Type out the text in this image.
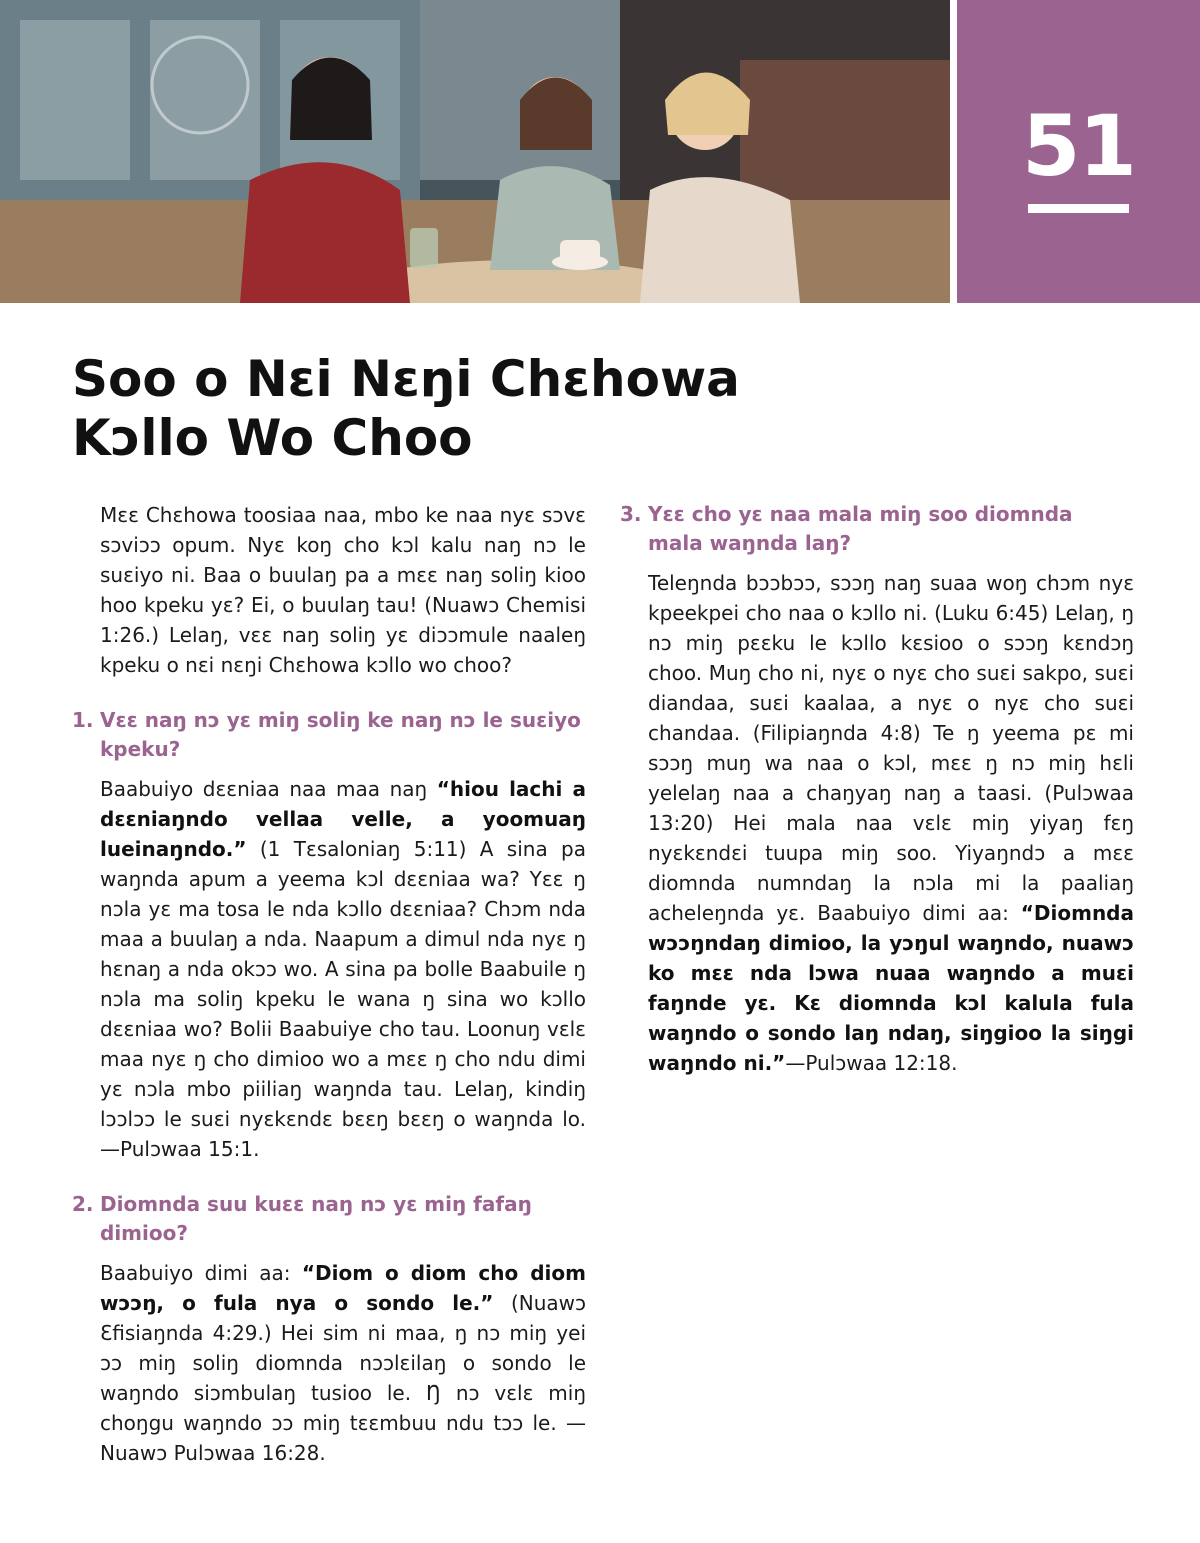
51
Soo o Nɛi Nɛŋi Chɛhowa
Kɔllo Wo Choo

Mɛɛ Chɛhowa toosiaa naa, mbo ke naa nyɛ sɔvɛ sɔviɔɔ opum. Nyɛ koŋ cho kɔl kalu naŋ nɔ le suɛiyo ni. Baa o buulaŋ pa a mɛɛ naŋ soliŋ kioo hoo kpeku yɛ? Ei, o buulaŋ tau! (Nuawɔ Chemisi 1:26.) Lelaŋ, vɛɛ naŋ soliŋ yɛ diɔɔmule naaleŋ kpeku o nɛi nɛŋi Chɛhowa kɔllo wo choo?

1. Vɛɛ naŋ nɔ yɛ miŋ soliŋ ke naŋ nɔ le suɛiyo kpeku?

Baabuiyo dɛɛniaa naa maa naŋ “hiou lachi a dɛɛniaŋndo vellaa velle, a yoomuaŋ lueinaŋndo.” (1 Tɛsaloniaŋ 5:11) A sina pa waŋnda apum a yeema kɔl dɛɛniaa wa? Yɛɛ ŋ nɔla yɛ ma tosa le nda kɔllo dɛɛniaa? Chɔm nda maa a buulaŋ a nda. Naapum a dimul nda nyɛ ŋ hɛnaŋ a nda okɔɔ wo. A sina pa bolle Baabuile ŋ nɔla ma soliŋ kpeku le wana ŋ sina wo kɔllo dɛɛniaa wo? Bolii Baabuiye cho tau. Loonuŋ vɛlɛ maa nyɛ ŋ cho dimioo wo a mɛɛ ŋ cho ndu dimi yɛ nɔla mbo piiliaŋ waŋnda tau. Lelaŋ, kindiŋ lɔɔlɔɔ le suɛi nyɛkɛndɛ bɛɛŋ bɛɛŋ o waŋnda lo. —Pulɔwaa 15:1.

2. Diomnda suu kuɛɛ naŋ nɔ yɛ miŋ fafaŋ dimioo?

Baabuiyo dimi aa: “Diom o diom cho diom wɔɔŋ, o fula nya o sondo le.” (Nuawɔ Ɛfisiaŋnda 4:29.) Hei sim ni maa, ŋ nɔ miŋ yei ɔɔ miŋ soliŋ diomnda nɔɔlɛilaŋ o sondo le waŋndo siɔmbulaŋ tusioo le. Ŋ nɔ vɛlɛ miŋ choŋgu waŋndo ɔɔ miŋ tɛɛmbuu ndu tɔɔ le. —Nuawɔ Pulɔwaa 16:28.

3. Yɛɛ cho yɛ naa mala miŋ soo diomnda mala waŋnda laŋ?

Teleŋnda bɔɔbɔɔ, sɔɔŋ naŋ suaa woŋ chɔm nyɛ kpeekpei cho naa o kɔllo ni. (Luku 6:45) Lelaŋ, ŋ nɔ miŋ pɛɛku le kɔllo kɛsioo o sɔɔŋ kɛndɔŋ choo. Muŋ cho ni, nyɛ o nyɛ cho suɛi sakpo, suɛi diandaa, suɛi kaalaa, a nyɛ o nyɛ cho suɛi chandaa. (Filipiaŋnda 4:8) Te ŋ yeema pɛ mi sɔɔŋ muŋ wa naa o kɔl, mɛɛ ŋ nɔ miŋ hɛli yelelaŋ naa a chaŋyaŋ naŋ a taasi. (Pulɔwaa 13:20) Hei mala naa vɛlɛ miŋ yiyaŋ fɛŋ nyɛkɛndɛi tuupa miŋ soo. Yiyaŋndɔ a mɛɛ diomnda numndaŋ la nɔla mi la paaliaŋ acheleŋnda yɛ. Baabuiyo dimi aa: “Diomnda wɔɔŋndaŋ dimioo, la yɔŋul waŋndo, nuawɔ ko mɛɛ nda lɔwa nuaa waŋndo a muɛi faŋnde yɛ. Kɛ diomnda kɔl kalula fula waŋndo o sondo laŋ ndaŋ, siŋgioo la siŋgi waŋndo ni.”—Pulɔwaa 12:18.
